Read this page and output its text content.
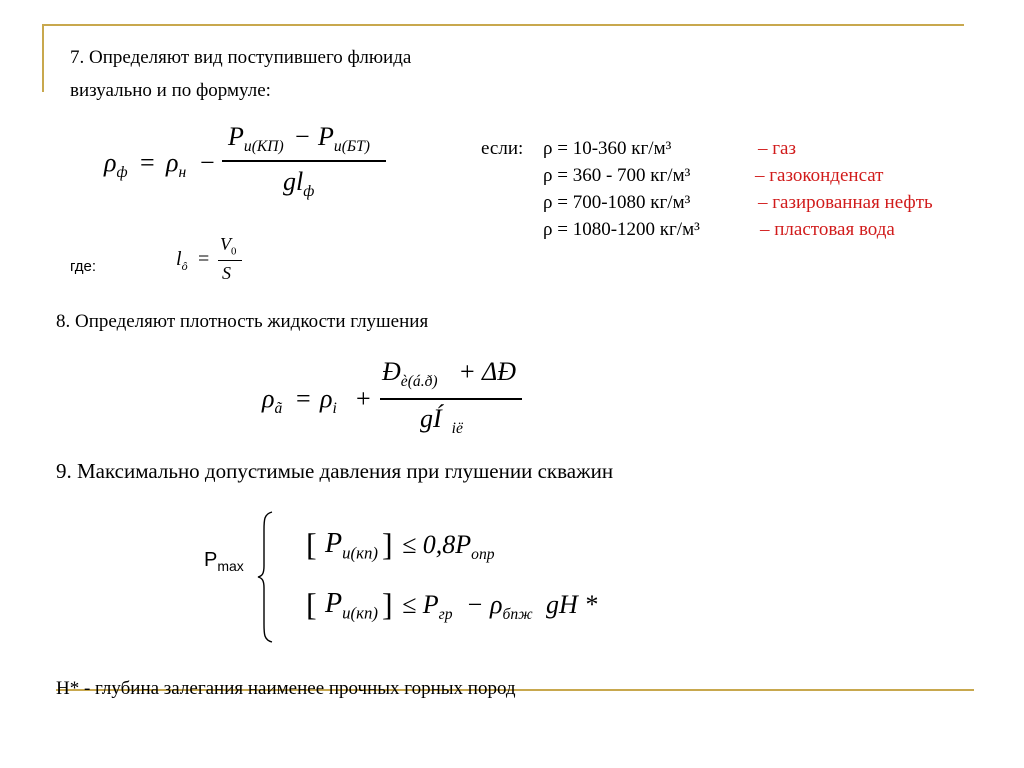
7. Определяют вид поступившего флюида
визуально и по формуле:
$\rho_ф = \rho_н$ −
$P_{и(КП)} - P_{и(БТ)}$
$gl_ф$
где:	$l_ô$ =
$V_0$
S
если: ρ = 10-360 кг/м³	– газ
ρ = 360 - 700 кг/м³	– газоконденсат
ρ = 700-1080 кг/м³	– газированная нефть
ρ = 1080-1200 кг/м³	– пластовая вода
8. Определяют плотность жидкости глушения
$\rho_ã = \rho_i$ +
$Ð_{è(á.ð)}$ + ΔÐ
gÍ $_{iё}$
9. Максимально допустимые давления при глушении скважин
$P_{max}$
[ $P_{и(кп)}$ ] ≤ $0,8P_{опр}$
[ $P_{и(кп)}$ ] ≤ $P_{гр} - \rho_{бпж}$ gH *
H* - глубина залегания наименее прочных горных пород
